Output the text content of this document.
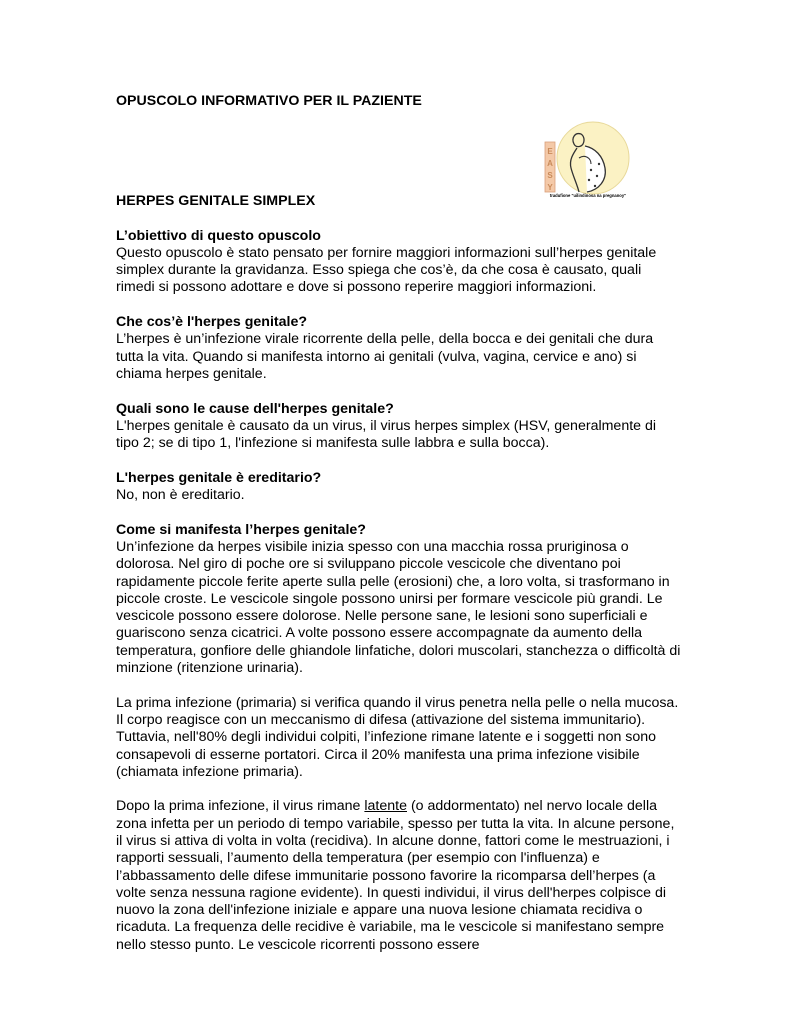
OPUSCOLO INFORMATIVO PER IL PAZIENTE
E
A
S
Y
tradufione "uilindinosa na pregnanoy"

HERPES GENITALE SIMPLEX

L’obiettivo di questo opuscolo

Questo opuscolo è stato pensato per fornire maggiori informazioni sull’herpes genitale simplex durante la gravidanza. Esso spiega che cos’è, da che cosa è causato, quali rimedi si possono adottare e dove si possono reperire maggiori informazioni.

Che cos’è l'herpes genitale?

L’herpes è un’infezione virale ricorrente della pelle, della bocca e dei genitali che dura tutta la vita. Quando si manifesta intorno ai genitali (vulva, vagina, cervice e ano) si chiama herpes genitale.

Quali sono le cause dell'herpes genitale?

L'herpes genitale è causato da un virus, il virus herpes simplex (HSV, generalmente di tipo 2; se di tipo 1, l'infezione si manifesta sulle labbra e sulla bocca).

L'herpes genitale è ereditario?

No, non è ereditario.

Come si manifesta l’herpes genitale?

Un’infezione da herpes visibile inizia spesso con una macchia rossa pruriginosa o dolorosa. Nel giro di poche ore si sviluppano piccole vescicole che diventano poi rapidamente piccole ferite aperte sulla pelle (erosioni) che, a loro volta, si trasformano in piccole croste. Le vescicole singole possono unirsi per formare vescicole più grandi. Le vescicole possono essere dolorose. Nelle persone sane, le lesioni sono superficiali e guariscono senza cicatrici. A volte possono essere accompagnate da aumento della temperatura, gonfiore delle ghiandole linfatiche, dolori muscolari, stanchezza o difficoltà di minzione (ritenzione urinaria).

La prima infezione (primaria) si verifica quando il virus penetra nella pelle o nella mucosa. Il corpo reagisce con un meccanismo di difesa (attivazione del sistema immunitario). Tuttavia, nell'80% degli individui colpiti, l’infezione rimane latente e i soggetti non sono consapevoli di esserne portatori. Circa il 20% manifesta una prima infezione visibile (chiamata infezione primaria).

Dopo la prima infezione, il virus rimane latente (o addormentato) nel nervo locale della zona infetta per un periodo di tempo variabile, spesso per tutta la vita. In alcune persone, il virus si attiva di volta in volta (recidiva). In alcune donne, fattori come le mestruazioni, i rapporti sessuali, l’aumento della temperatura (per esempio con l'influenza) e l’abbassamento delle difese immunitarie possono favorire la ricomparsa dell’herpes (a volte senza nessuna ragione evidente). In questi individui, il virus dell'herpes colpisce di nuovo la zona dell'infezione iniziale e appare una nuova lesione chiamata recidiva o ricaduta. La frequenza delle recidive è variabile, ma le vescicole si manifestano sempre nello stesso punto. Le vescicole ricorrenti possono essere
